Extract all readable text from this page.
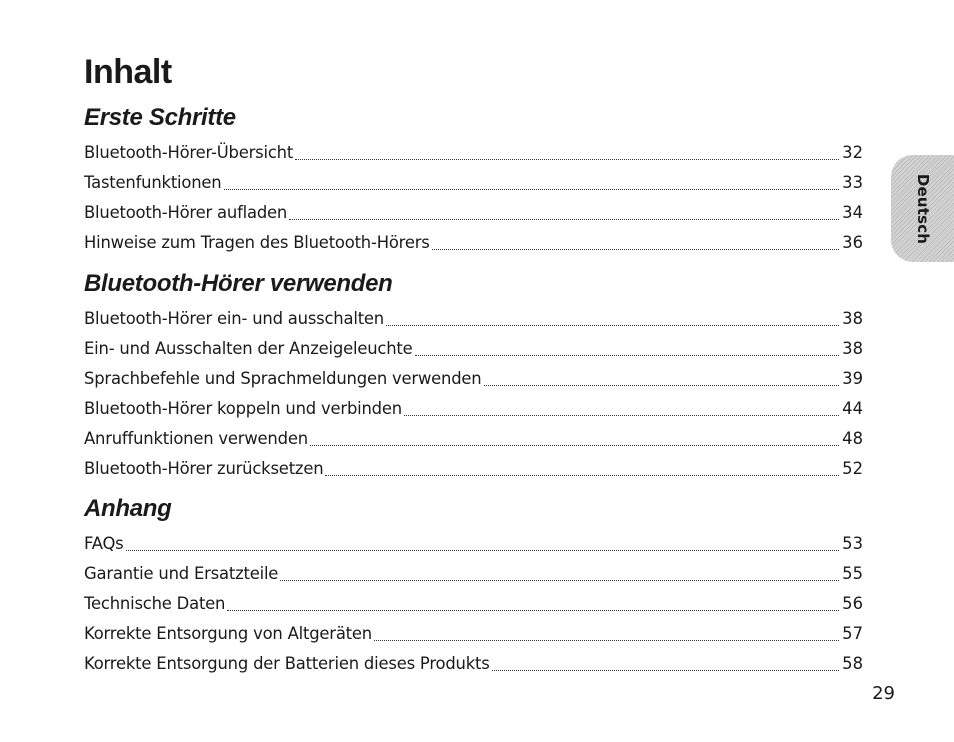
Inhalt
Erste Schritte
Bluetooth-Hörer-Übersicht	32
Tastenfunktionen	33
Bluetooth-Hörer aufladen	34
Hinweise zum Tragen des Bluetooth-Hörers	36
Bluetooth-Hörer verwenden
Bluetooth-Hörer ein- und ausschalten	38
Ein- und Ausschalten der Anzeigeleuchte	38
Sprachbefehle und Sprachmeldungen verwenden	39
Bluetooth-Hörer koppeln und verbinden	44
Anruffunktionen verwenden	48
Bluetooth-Hörer zurücksetzen	52
Anhang
FAQs	53
Garantie und Ersatzteile	55
Technische Daten	56
Korrekte Entsorgung von Altgeräten	57
Korrekte Entsorgung der Batterien dieses Produkts	58
Deutsch
29
